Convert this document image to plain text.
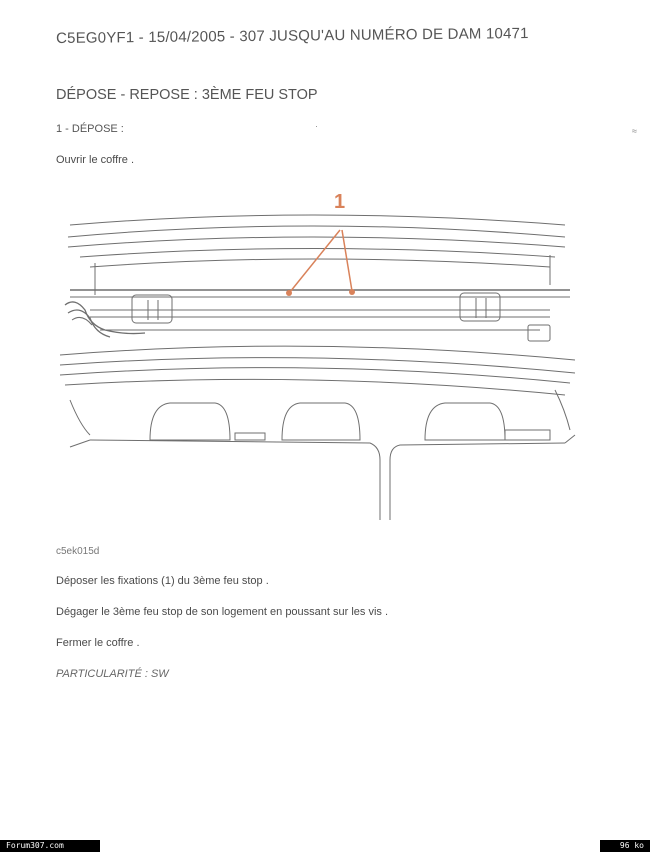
C5EG0YF1 - 15/04/2005 - 307 JUSQU'AU NUMÉRO DE DAM 10471
DÉPOSE - REPOSE : 3ÈME FEU STOP
1 - DÉPOSE :
Ouvrir le coffre .
1
c5ek015d
Déposer les fixations (1) du 3ème feu stop .
Dégager le 3ème feu stop de son logement en poussant sur les vis .
Fermer le coffre .
PARTICULARITÉ : SW
·	≈
Forum307.com	96 ko
